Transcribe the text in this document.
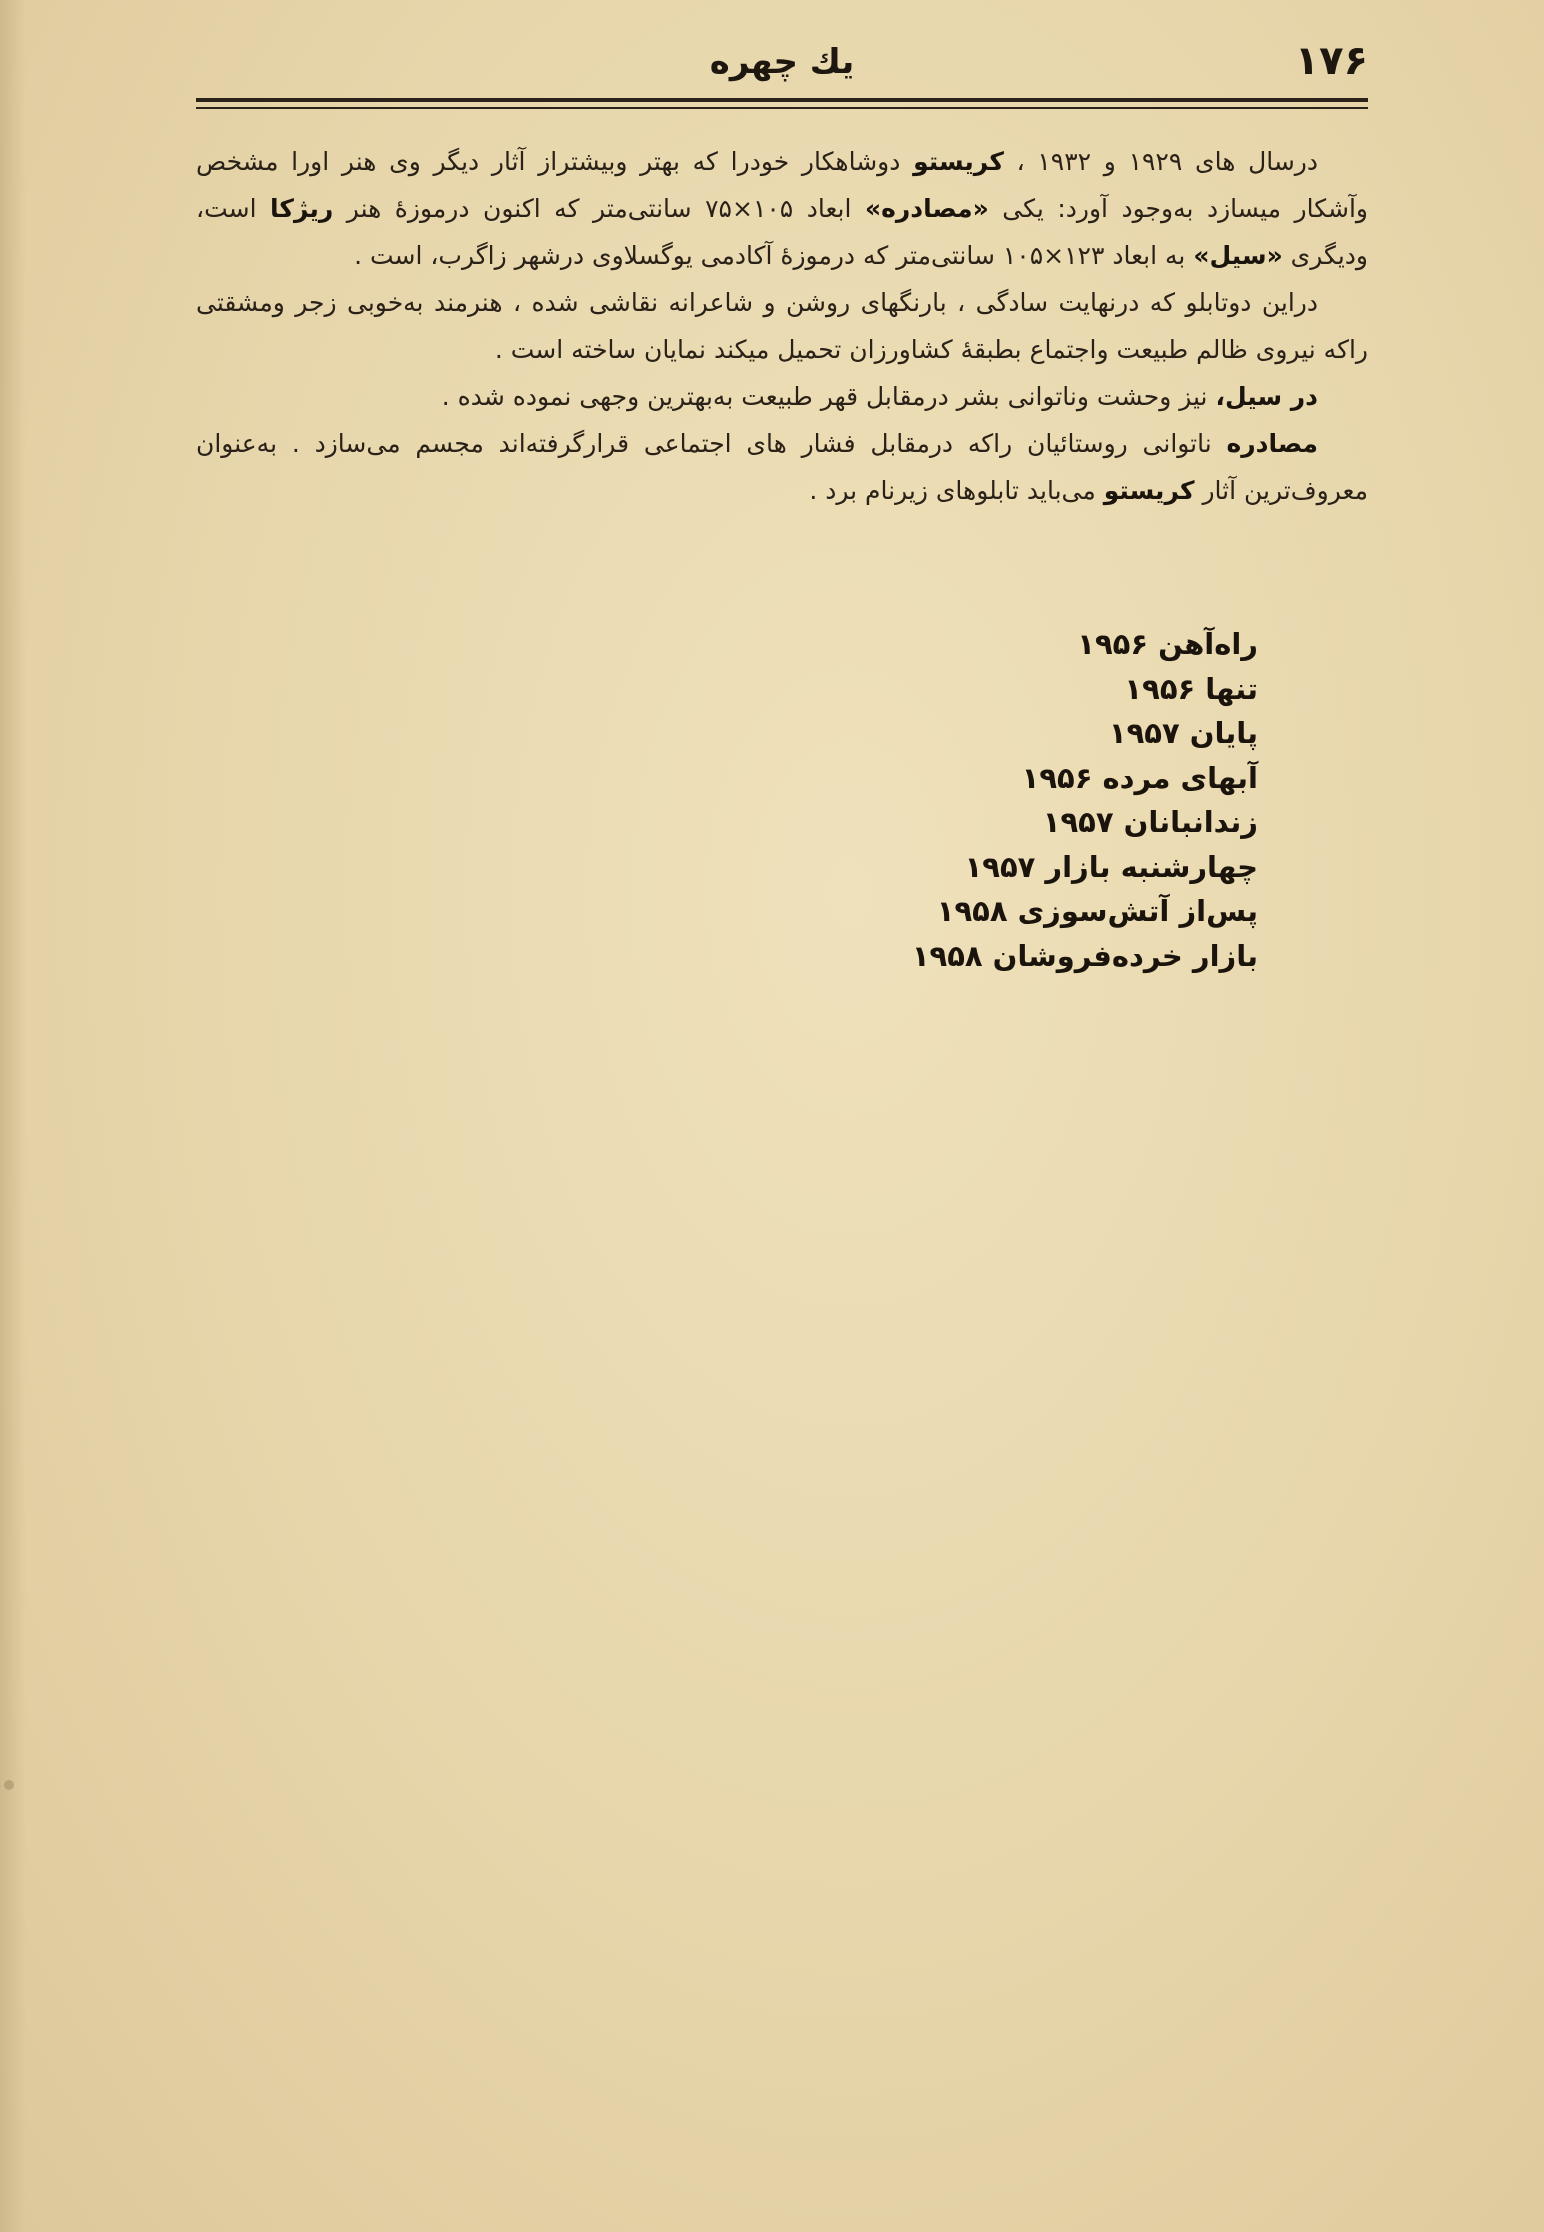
۱۷۶
یك چهره

درسال های ۱۹۲۹ و ۱۹۳۲ ، کریستو دوشاهکار خودرا که بهتر وبیشتراز آثار دیگر وی هنر اورا مشخص وآشکار میسازد به‌وجود آورد: یکی «مصادره» ابعاد ۱۰۵×۷۵ سانتی‌متر که اکنون درموزهٔ هنر ریژکا است، ودیگری «سیل» به ابعاد ۱۲۳×۱۰۵ سانتی‌متر که درموزهٔ آکادمی یوگسلاوی درشهر زاگرب، است .

دراین دوتابلو که درنهایت سادگی ، بارنگهای روشن و شاعرانه نقاشی شده ، هنرمند به‌خوبی زجر ومشقتی راکه نیروی ظالم طبیعت واجتماع بطبقهٔ کشاورزان تحمیل میکند نمایان ساخته است .

در سیل، نیز وحشت وناتوانی بشر درمقابل قهر طبیعت به‌بهترین وجهی نموده شده .

مصادره ناتوانی روستائیان راکه درمقابل فشار های اجتماعی قرارگرفته‌اند مجسم می‌سازد . به‌عنوان معروف‌ترین آثار کریستو می‌باید تابلوهای زیرنام برد .

راه‌آهن۱۹۵۶
تنها۱۹۵۶
پایان۱۹۵۷
آبهای مرده۱۹۵۶
زندانبانان۱۹۵۷
چهارشنبه بازار۱۹۵۷
پس‌از آتش‌سوزی۱۹۵۸
بازار خرده‌فروشان۱۹۵۸
